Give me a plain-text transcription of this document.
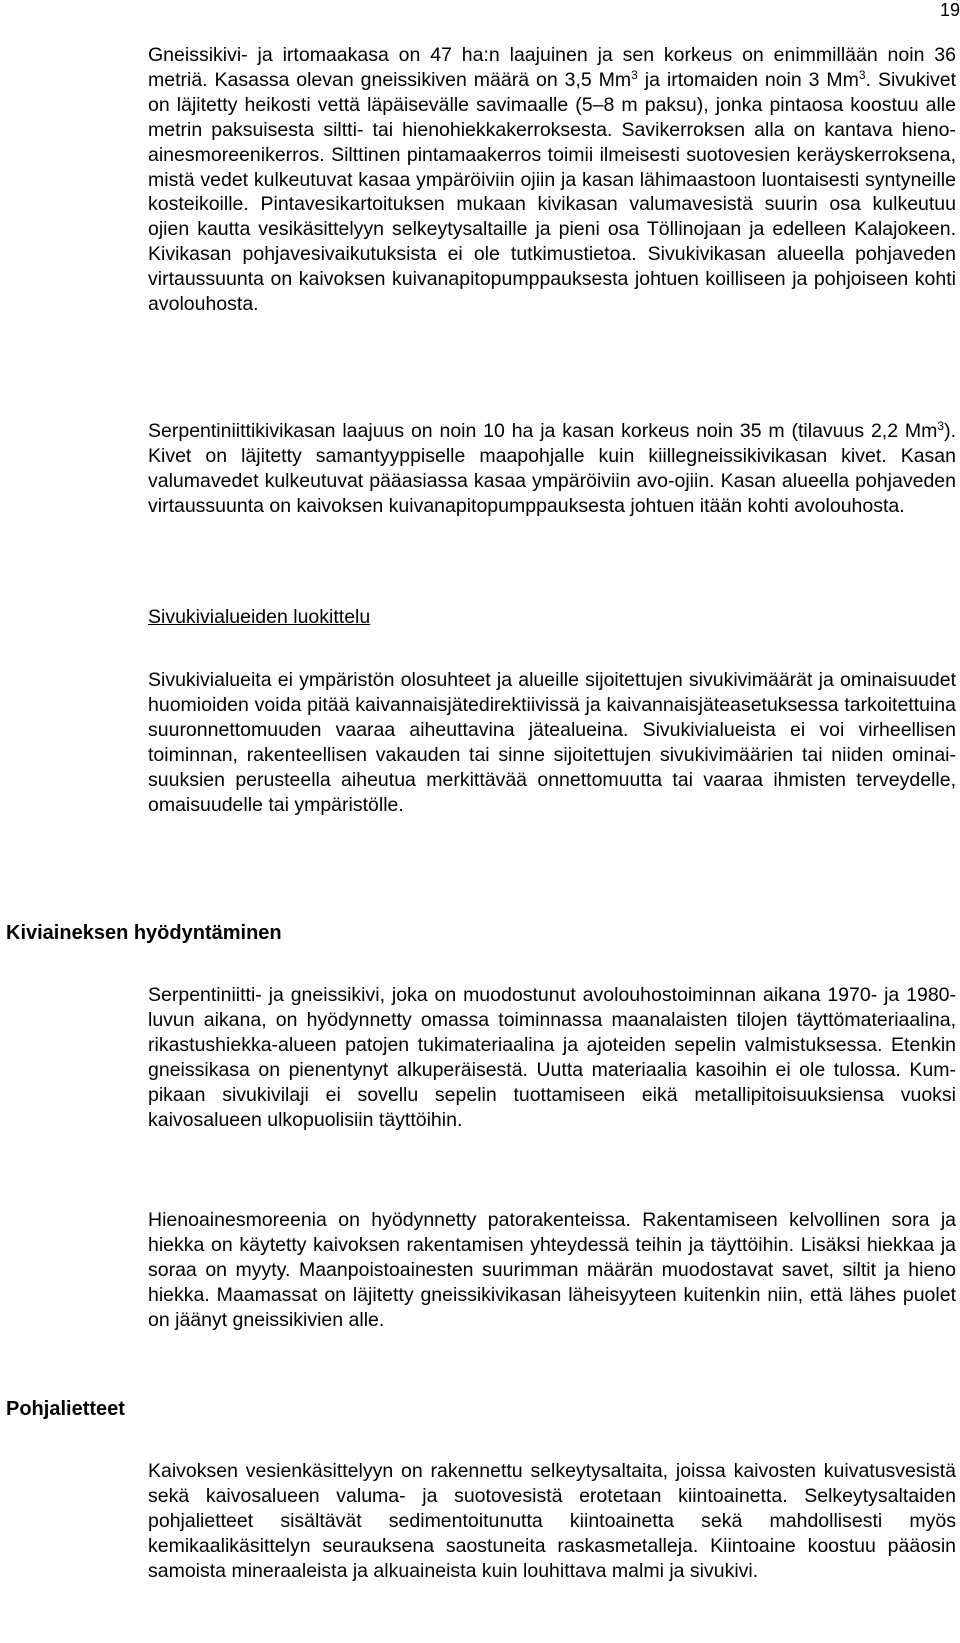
19

Gneissikivi- ja irtomaakasa on 47 ha:n laajuinen ja sen korkeus on enimmillään noin 36 metriä. Kasassa olevan gneissikiven määrä on 3,5 Mm$^3$ ja irtomaiden noin 3 Mm$^3$. Sivukivet on läjitetty heikosti vettä läpäisevälle savimaalle (5–8 m paksu), jonka pintaosa koostuu alle metrin paksuisesta siltti- tai hienohiekkakerroksesta. Savikerroksen alla on kantava hienoainesmoreenikerros. Silttinen pintamaakerros toimii ilmeisesti suotovesien keräyskerroksena, mistä vedet kulkeutuvat kasaa ympäröiviin ojiin ja kasan lähimaastoon luontaisesti syntyneille kosteikoille. Pintavesikartoituksen mukaan kivikasan valumavesistä suurin osa kulkeutuu ojien kautta vesikäsittelyyn selkeytysaltaille ja pieni osa Töllinojaan ja edelleen Kalajokeen. Kivikasan pohjavesivaikutuksista ei ole tutkimustietoa. Sivukivikasan alueella pohjaveden virtaussuunta on kaivoksen kuivanapitopumppauksesta johtuen koilliseen ja pohjoiseen kohti avolouhosta.

Serpentiniittikivikasan laajuus on noin 10 ha ja kasan korkeus noin 35 m (tilavuus 2,2 Mm$^3$). Kivet on läjitetty samantyyppiselle maapohjalle kuin kiillegneissikivikasan kivet. Kasan valumavedet kulkeutuvat pääasiassa kasaa ympäröiviin avo-ojiin. Kasan alueella pohjaveden virtaussuunta on kaivoksen kuivanapitopumppauksesta johtuen itään kohti avolouhosta.

Sivukivialueiden luokittelu

Sivukivialueita ei ympäristön olosuhteet ja alueille sijoitettujen sivukivimäärät ja ominaisuudet huomioiden voida pitää kaivannaisjätedirektiivissä ja kaivannaisjäteasetuksessa tarkoitettuina suuronnettomuuden vaaraa aiheuttavina jätealueina. Sivukivialueista ei voi virheellisen toiminnan, rakenteellisen vakauden tai sinne sijoitettujen sivukivimäärien tai niiden ominaisuuksien perusteella aiheutua merkittävää onnettomuutta tai vaaraa ihmisten terveydelle, omaisuudelle tai ympäristölle.

Kiviaineksen hyödyntäminen

Serpentiniitti- ja gneissikivi, joka on muodostunut avolouhostoiminnan aikana 1970- ja 1980-luvun aikana, on hyödynnetty omassa toiminnassa maanalaisten tilojen täyttömateriaalina, rikastushiekka-alueen patojen tukimateriaalina ja ajoteiden sepelin valmistuksessa. Etenkin gneissikasa on pienentynyt alkuperäisestä. Uutta materiaalia kasoihin ei ole tulossa. Kumpikaan sivukivilaji ei sovellu sepelin tuottamiseen eikä metallipitoisuuksiensa vuoksi kaivosalueen ulkopuolisiin täyttöihin.

Hienoainesmoreenia on hyödynnetty patorakenteissa. Rakentamiseen kelvollinen sora ja hiekka on käytetty kaivoksen rakentamisen yhteydessä teihin ja täyttöihin. Lisäksi hiekkaa ja soraa on myyty. Maanpoistoainesten suurimman määrän muodostavat savet, siltit ja hieno hiekka. Maamassat on läjitetty gneissikivikasan läheisyyteen kuitenkin niin, että lähes puolet on jäänyt gneissikivien alle.

Pohjalietteet

Kaivoksen vesienkäsittelyyn on rakennettu selkeytysaltaita, joissa kaivosten kuivatusvesistä sekä kaivosalueen valuma- ja suotovesistä erotetaan kiintoainetta. Selkeytysaltaiden pohjalietteet sisältävät sedimentoitunutta kiintoainetta sekä mahdollisesti myös kemikaalikäsittelyn seurauksena saostuneita raskasmetalleja. Kiintoaine koostuu pääosin samoista mineraaleista ja alkuaineista kuin louhittava malmi ja sivukivi.
